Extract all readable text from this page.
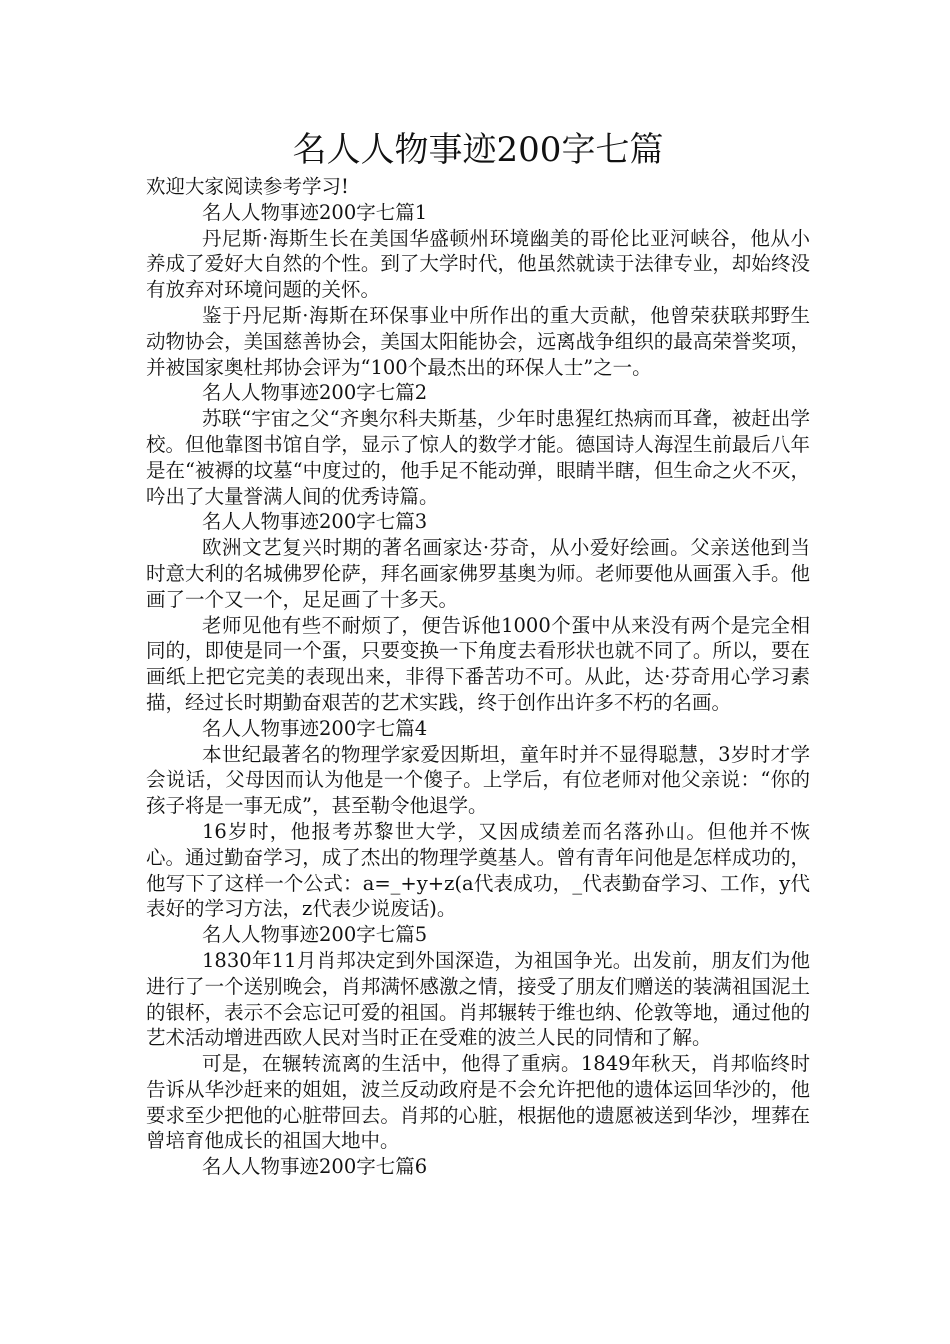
名人人物事迹200字七篇

欢迎大家阅读参考学习!

名人人物事迹200字七篇1

丹尼斯·海斯生长在美国华盛顿州环境幽美的哥伦比亚河峡谷，他从小养成了爱好大自然的个性。到了大学时代，他虽然就读于法律专业，却始终没有放弃对环境问题的关怀。

鉴于丹尼斯·海斯在环保事业中所作出的重大贡献，他曾荣获联邦野生动物协会，美国慈善协会，美国太阳能协会，远离战争组织的最高荣誉奖项，并被国家奥杜邦协会评为“100个最杰出的环保人士”之一。

名人人物事迹200字七篇2

苏联“宇宙之父“齐奥尔科夫斯基，少年时患猩红热病而耳聋，被赶出学校。但他靠图书馆自学，显示了惊人的数学才能。德国诗人海涅生前最后八年是在“被褥的坟墓“中度过的，他手足不能动弹，眼睛半瞎，但生命之火不灭，吟出了大量誉满人间的优秀诗篇。

名人人物事迹200字七篇3

欧洲文艺复兴时期的著名画家达·芬奇，从小爱好绘画。父亲送他到当时意大利的名城佛罗伦萨，拜名画家佛罗基奥为师。老师要他从画蛋入手。他画了一个又一个，足足画了十多天。

老师见他有些不耐烦了，便告诉他1000个蛋中从来没有两个是完全相同的，即使是同一个蛋，只要变换一下角度去看形状也就不同了。所以，要在画纸上把它完美的表现出来，非得下番苦功不可。从此，达·芬奇用心学习素描，经过长时期勤奋艰苦的艺术实践，终于创作出许多不朽的名画。

名人人物事迹200字七篇4

本世纪最著名的物理学家爱因斯坦，童年时并不显得聪慧，3岁时才学会说话，父母因而认为他是一个傻子。上学后，有位老师对他父亲说：“你的孩子将是一事无成”，甚至勒令他退学。

16岁时，他报考苏黎世大学，又因成绩差而名落孙山。但他并不恢心。通过勤奋学习，成了杰出的物理学奠基人。曾有青年问他是怎样成功的，他写下了这样一个公式：a=_+y+z(a代表成功，_代表勤奋学习、工作，y代表好的学习方法，z代表少说废话)。

名人人物事迹200字七篇5

1830年11月肖邦决定到外国深造，为祖国争光。出发前，朋友们为他进行了一个送别晚会，肖邦满怀感激之情，接受了朋友们赠送的装满祖国泥土的银杯，表示不会忘记可爱的祖国。肖邦辗转于维也纳、伦敦等地，通过他的艺术活动增进西欧人民对当时正在受难的波兰人民的同情和了解。

可是，在辗转流离的生活中，他得了重病。1849年秋天，肖邦临终时告诉从华沙赶来的姐姐，波兰反动政府是不会允许把他的遗体运回华沙的，他要求至少把他的心脏带回去。肖邦的心脏，根据他的遗愿被送到华沙，埋葬在曾培育他成长的祖国大地中。

名人人物事迹200字七篇6
